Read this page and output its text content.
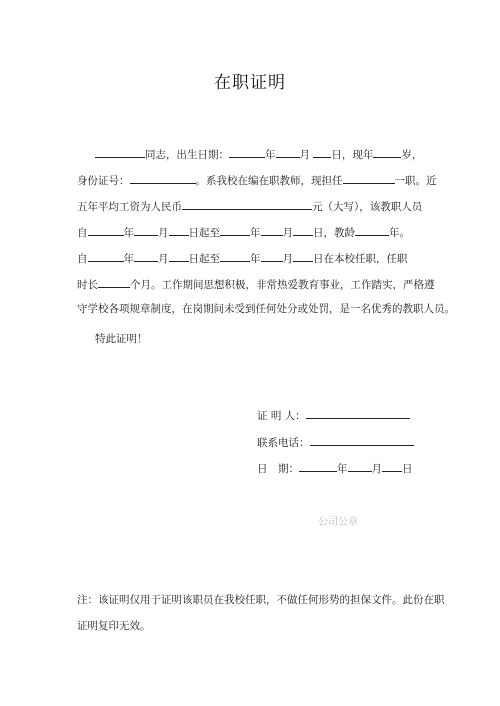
在职证明
同志，出生日期：	年 月 日，现年	岁，
身份证号：	。系我校在编在职教师，现担任	一职。近
五年平均工资为人民币	元（大写），该教职人员
自	年 月 日起至	年 月 日，教龄	年。
自	年 月 日起至	年 月 日在本校任职，任职
时长	个月。工作期间思想积极，非常热爱教育事业，工作踏实，严格遵
守学校各项规章制度，在岗期间未受到任何处分或处罚，是一名优秀的教职人员。
特此证明！
证 明 人：
联系电话：
日　期：	年 月 日
公司公章
注：该证明仅用于证明该职员在我校任职，不做任何形势的担保文件。此份在职
证明复印无效。
